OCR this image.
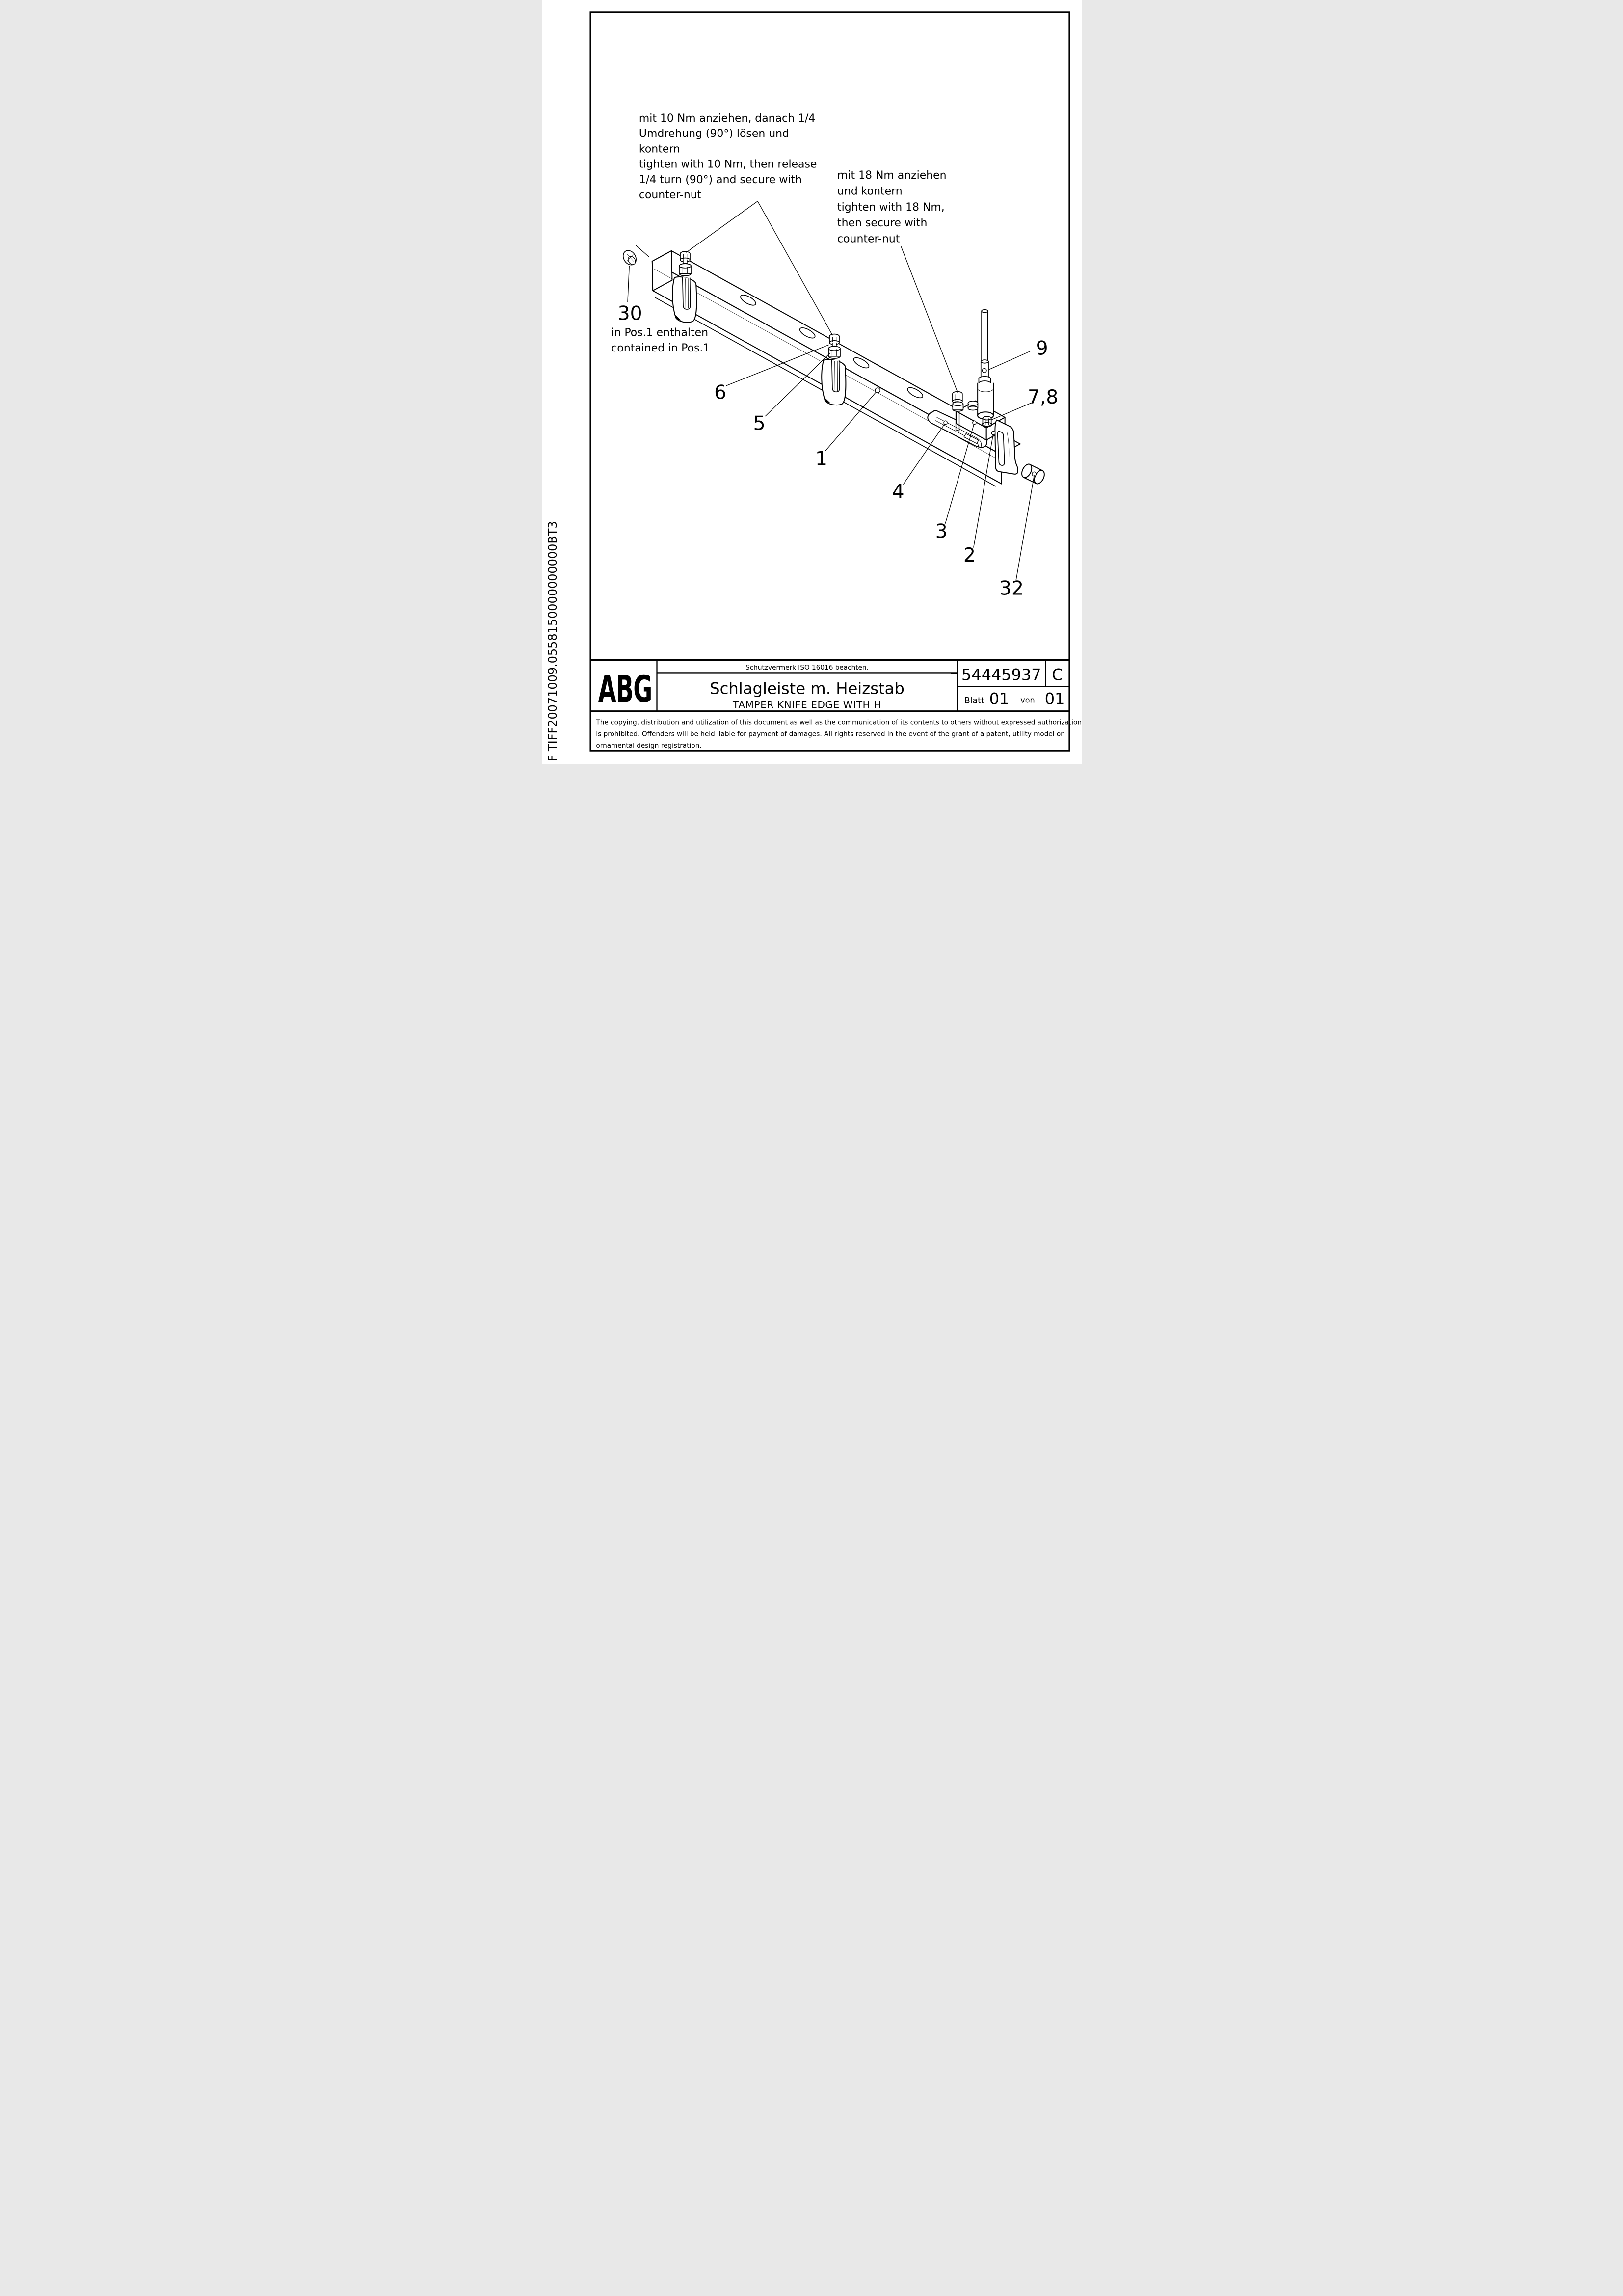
F TIFF20071009.0558150000000000BT3
30
6
5
1
4
3
2
32
9
7,8
mit 10 Nm anziehen, danach 1/4
Umdrehung (90°) lösen und
kontern
tighten with 10 Nm, then release
1/4 turn (90°) and secure with
counter-nut
mit 18 Nm anziehen
und kontern
tighten with 18 Nm,
then secure with
counter-nut
in Pos.1 enthalten
contained in Pos.1
ABG
Schutzvermerk ISO 16016 beachten.
Schlagleiste m. Heizstab
TAMPER KNIFE EDGE WITH H
54445937 C
Blatt 01 von 01
The copying, distribution and utilization of this document as well as the communication of its contents to others without expressed authorization
is prohibited. Offenders will be held liable for payment of damages. All rights reserved in the event of the grant of a patent, utility model or
ornamental design registration.
